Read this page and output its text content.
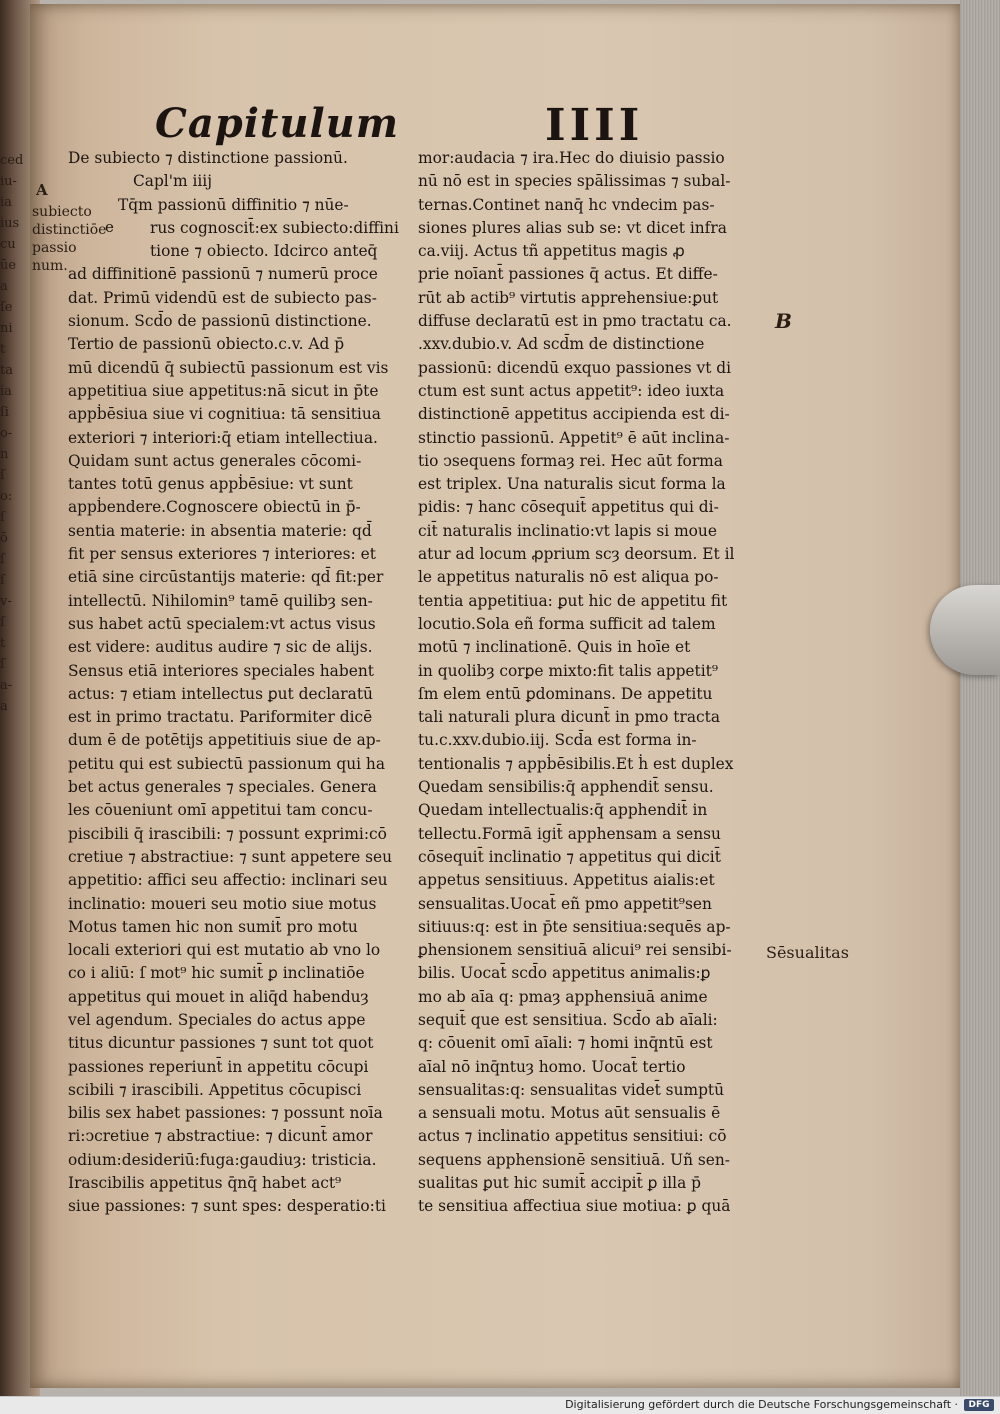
ced
iu-
ia
ius
cu
ūe
a
ſe
ni
t
ta
ia
ſi
o-
n
ſ
o:
ſ
ō
ſ
ſ
v-
ſ
t
ſ
a-
a
Capitulum	IIII
A
subiecto
distinctiōe
passio
num.
e
De subiecto ⁊ distinctione passionū.
Capl'm iiij
Tq̄m passionū diffinitio ⁊ nūe-
rus cognoscit̄:ex subiecto:diffini
tione ⁊ obiecto. Idcirco anteq̄
ad diffinitionē passionū ⁊ numerū proce
dat. Primū videndū est de subiecto pas-
sionum. Scd̄o de passionū distinctione.
Tertio de passionū obiecto.c.v. Ad p̄
mū dicendū q̄ subiectū passionum est vis
appetitiua siue appetitus:nā sicut in p̄te
appḃēsiua siue vi cognitiua: tā sensitiua
exteriori ⁊ interiori:q̄ etiam intellectiua.
Quidam sunt actus generales cōcomi-
tantes totū genus appḃēsiue: vt sunt
appḃendere.Cognoscere obiectū in p̄-
sentia materie: in absentia materie: qd̄
fit per sensus exteriores ⁊ interiores: et
etiā sine circūstantijs materie: qd̄ fit:per
intellectū. Nihilomin⁹ tamē quilibȝ sen-
sus habet actū specialem:vt actus visus
est videre: auditus audire ⁊ sic de alijs.
Sensus etiā interiores speciales habent
actus: ⁊ etiam intellectus ꝑut declaratū
est in primo tractatu. Pariformiter dicē
dum ē de potētijs appetitiuis siue de ap-
petitu qui est subiectū passionum qui ha
bet actus generales ⁊ speciales. Genera
les cōueniunt omī appetitui tam concu-
piscibili q̄ irascibili: ⁊ possunt exprimi:cō
cretiue ⁊ abstractiue: ⁊ sunt appetere seu
appetitio: affici seu affectio: inclinari seu
inclinatio: moueri seu motio siue motus
Motus tamen hic non sumit̄ pro motu
locali exteriori qui est mutatio ab vno lo
co i aliū: ſ mot⁹ hic sumit̄ ꝑ inclinatiōe
appetitus qui mouet in aliq̄d habenduȝ
vel agendum. Speciales do actus appe
titus dicuntur passiones ⁊ sunt tot quot
passiones reperiunt̄ in appetitu cōcupi
scibili ⁊ irascibili. Appetitus cōcupisci
bilis sex habet passiones: ⁊ possunt noīa
ri:ↄcretiue ⁊ abstractiue: ⁊ dicunt̄ amor
odium:desideriū:fuga:gaudiuȝ: tristicia.
Irascibilis appetitus q̄nq̄ habet act⁹
siue passiones: ⁊ sunt spes: desperatio:ti
mor:audacia ⁊ ira.Hec do diuisio passio
nū nō est in species spālissimas ⁊ subal-
ternas.Continet nanq̄ hc vndecim pas-
siones plures alias sub se: vt dicet infra
ca.viij. Actus tñ appetitus magis ꝓ
prie noīant̄ passiones q̄ actus. Et diffe-
rūt ab actib⁹ virtutis apprehensiue:ꝑut
diffuse declaratū est in pmo tractatu ca.
.xxv.dubio.v. Ad scd̄m de distinctione
passionū: dicendū exquo passiones vt di
ctum est sunt actus appetit⁹: ideo iuxta
distinctionē appetitus accipienda est di-
stinctio passionū. Appetit⁹ ē aūt inclina-
tio ↄsequens formaȝ rei. Hec aūt forma
est triplex. Una naturalis sicut forma la
pidis: ⁊ hanc cōsequit̄ appetitus qui di-
cit̄ naturalis inclinatio:vt lapis si moue
atur ad locum ꝓprium scȝ deorsum. Et il
le appetitus naturalis nō est aliqua po-
tentia appetitiua: ꝑut hic de appetitu fit
locutio.Sola eñ forma sufficit ad talem
motū ⁊ inclinationē. Quis in hoīe et
in quolibȝ corꝑe mixto:fit talis appetit⁹
ſm elem entū ꝑdominans. De appetitu
tali naturali plura dicunt̄ in pmo tracta
tu.c.xxv.dubio.iij. Scd̄a est forma in-
tentionalis ⁊ appḃēsibilis.Et ḣ est duplex
Quedam sensibilis:q̄ apphendit̄ sensu.
Quedam intellectualis:q̄ apphendit̄ in
tellectu.Formā igit̄ apphensam a sensu
cōsequit̄ inclinatio ⁊ appetitus qui dicit̄
appetus sensitiuus. Appetitus aialis:et
sensualitas.Uocat̄ eñ pmo appetit⁹sen
sitiuus:q: est in p̄te sensitiua:sequēs ap-
ꝑhensionem sensitiuā alicui⁹ rei sensibi-
bilis. Uocat̄ scd̄o appetitus animalis:ꝑ
mo ab aīa q: pmaȝ apphensiuā anime
sequit̄ que est sensitiua. Scd̄o ab aīali:
q: cōuenit omī aīali: ⁊ homi inq̄ntū est
aīal nō inq̄ntuȝ homo. Uocat̄ tertio
sensualitas:q: sensualitas videt̄ sumptū
a sensuali motu. Motus aūt sensualis ē
actus ⁊ inclinatio appetitus sensitiui: cō
sequens apphensionē sensitiuā. Uñ sen-
sualitas ꝑut hic sumit̄ accipit̄ ꝑ illa p̄
te sensitiua affectiua siue motiua: ꝑ quā
B
Sēsualitas
Digitalisierung gefördert durch die Deutsche Forschungsgemeinschaft ·	DFG
